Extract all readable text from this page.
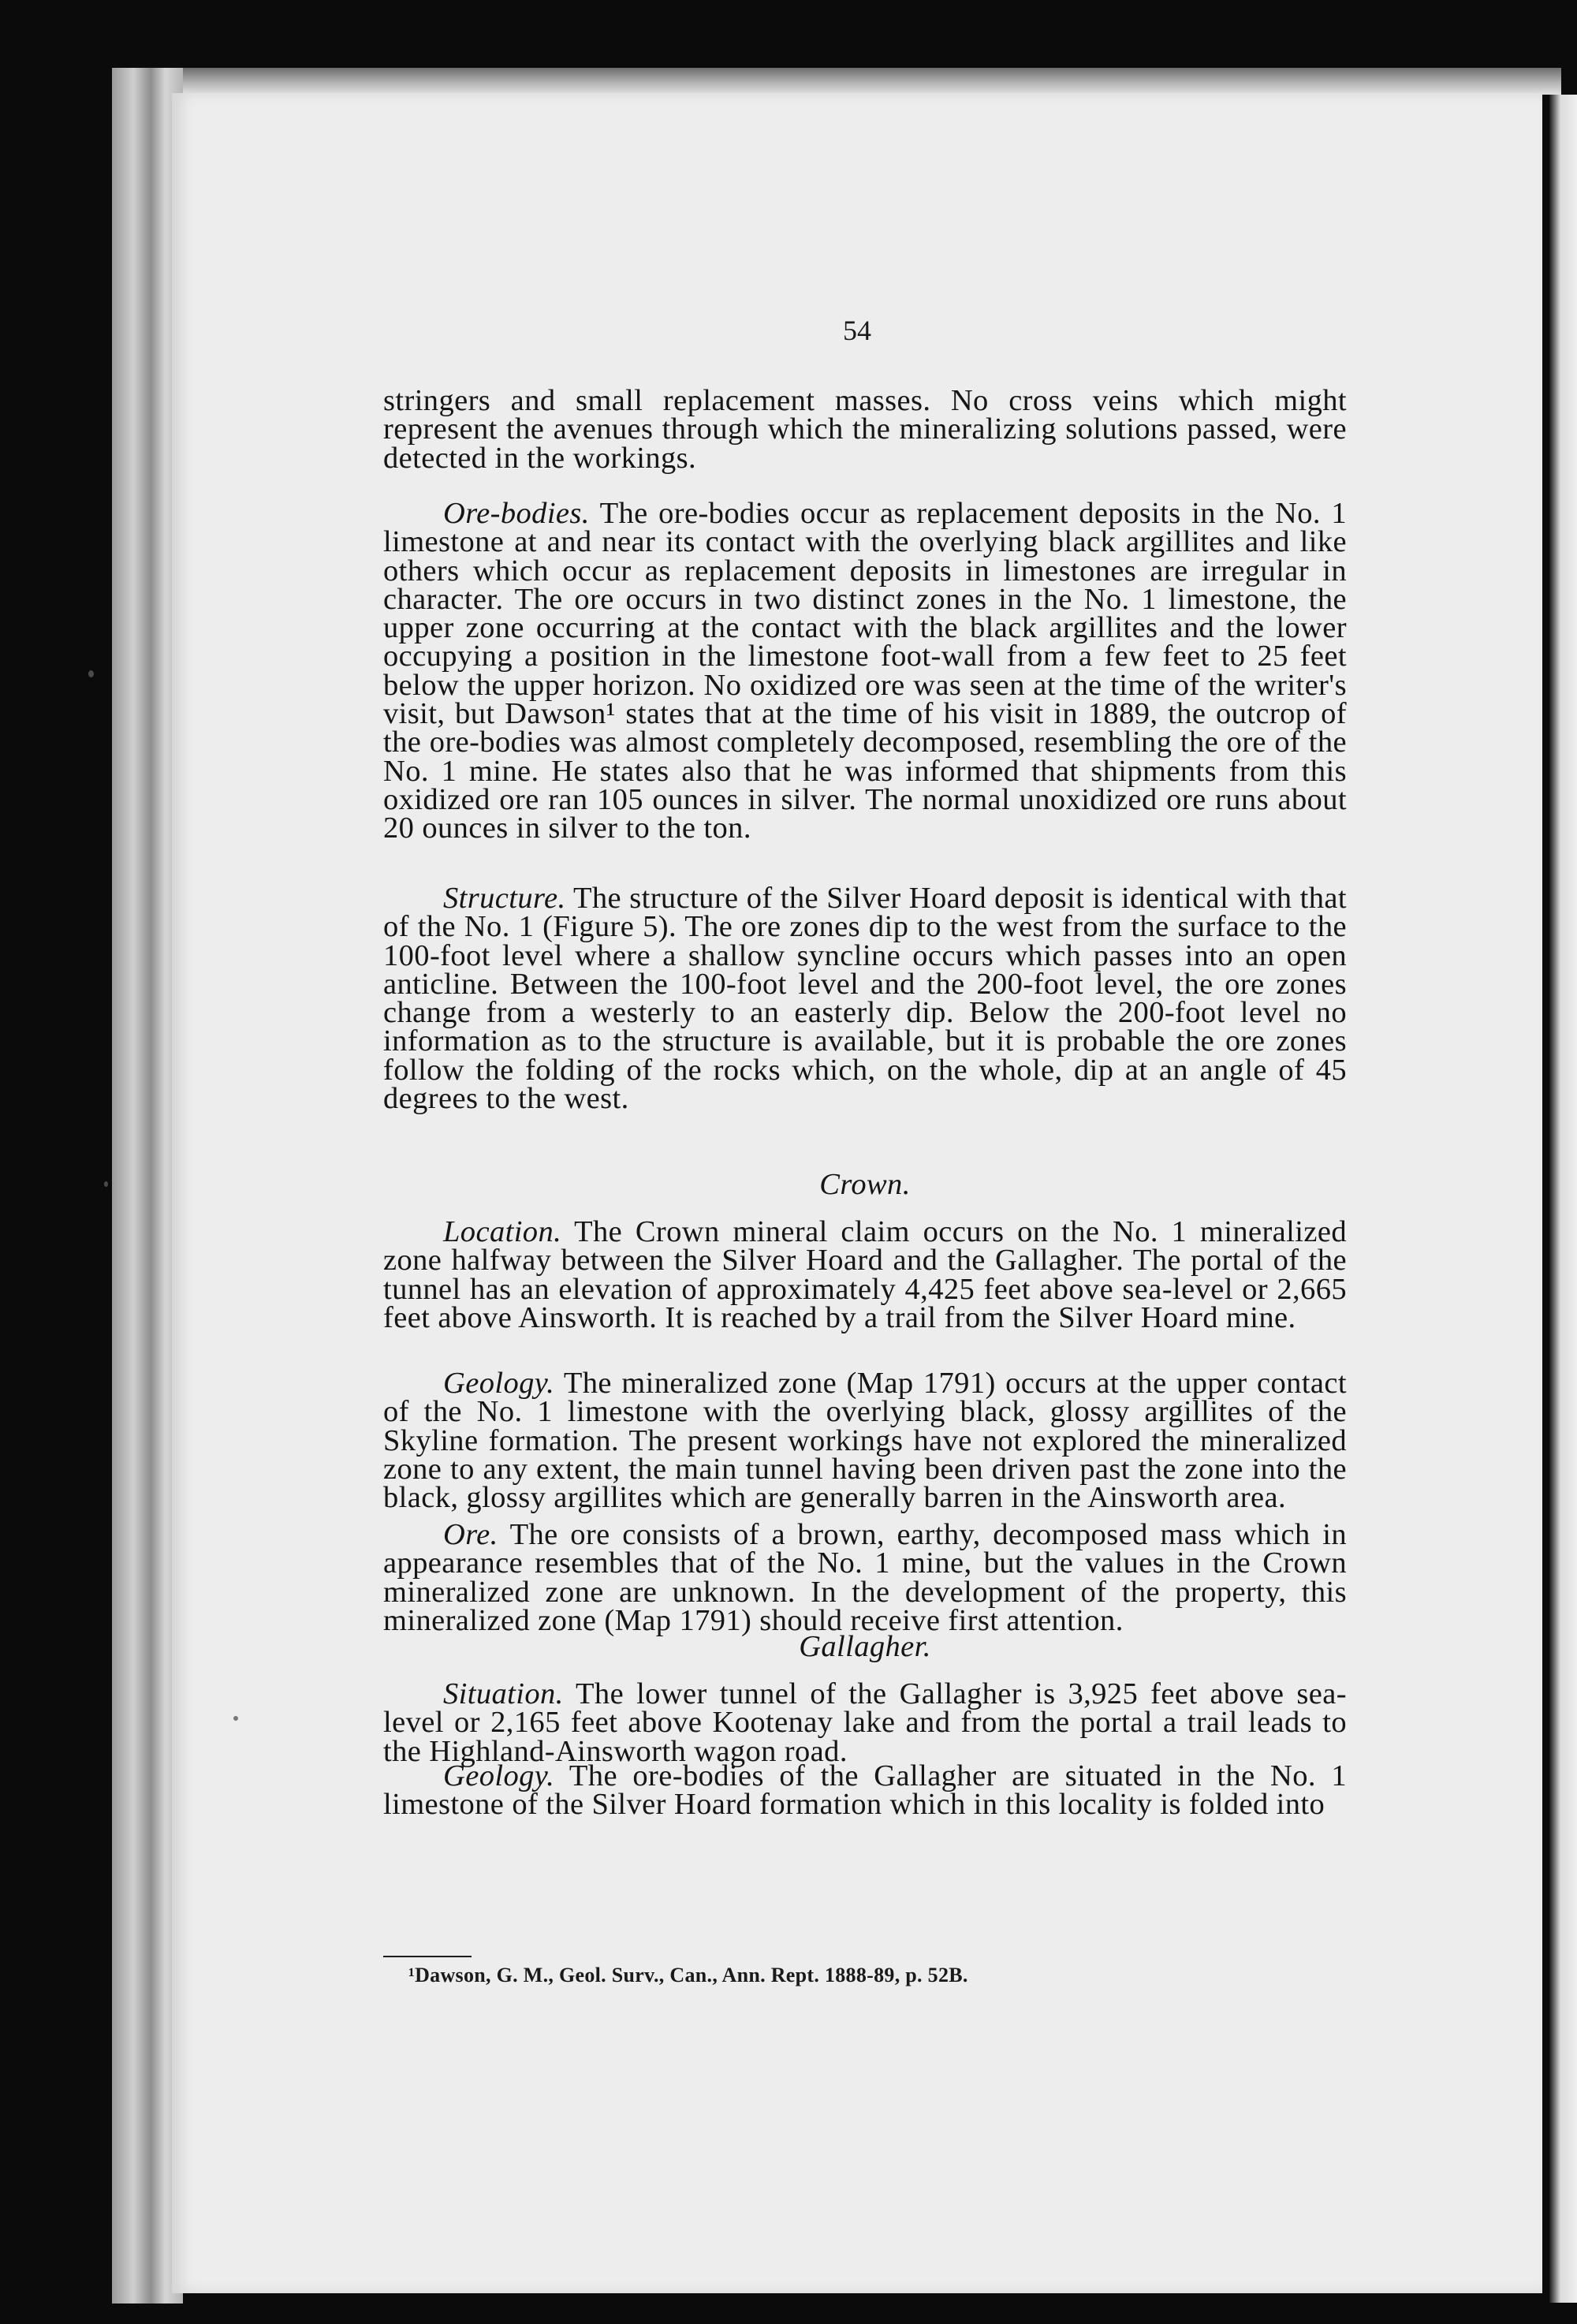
54

stringers and small replacement masses. No cross veins which might represent the avenues through which the mineralizing solutions passed, were detected in the workings.

Ore-bodies. The ore-bodies occur as replacement deposits in the No. 1 limestone at and near its contact with the overlying black argillites and like others which occur as replacement deposits in limestones are irregular in character. The ore occurs in two distinct zones in the No. 1 limestone, the upper zone occurring at the contact with the black argillites and the lower occupying a position in the limestone foot-wall from a few feet to 25 feet below the upper horizon. No oxidized ore was seen at the time of the writer's visit, but Dawson¹ states that at the time of his visit in 1889, the outcrop of the ore-bodies was almost completely decomposed, resembling the ore of the No. 1 mine. He states also that he was informed that shipments from this oxidized ore ran 105 ounces in silver. The normal unoxidized ore runs about 20 ounces in silver to the ton.

Structure. The structure of the Silver Hoard deposit is identical with that of the No. 1 (Figure 5). The ore zones dip to the west from the surface to the 100-foot level where a shallow syncline occurs which passes into an open anticline. Between the 100-foot level and the 200-foot level, the ore zones change from a westerly to an easterly dip. Below the 200-foot level no information as to the structure is available, but it is probable the ore zones follow the folding of the rocks which, on the whole, dip at an angle of 45 degrees to the west.

Crown.

Location. The Crown mineral claim occurs on the No. 1 mineralized zone halfway between the Silver Hoard and the Gallagher. The portal of the tunnel has an elevation of approximately 4,425 feet above sea-level or 2,665 feet above Ainsworth. It is reached by a trail from the Silver Hoard mine.

Geology. The mineralized zone (Map 1791) occurs at the upper contact of the No. 1 limestone with the overlying black, glossy argillites of the Skyline formation. The present workings have not explored the mineralized zone to any extent, the main tunnel having been driven past the zone into the black, glossy argillites which are generally barren in the Ainsworth area.

Ore. The ore consists of a brown, earthy, decomposed mass which in appearance resembles that of the No. 1 mine, but the values in the Crown mineralized zone are unknown. In the development of the property, this mineralized zone (Map 1791) should receive first attention.

Gallagher.

Situation. The lower tunnel of the Gallagher is 3,925 feet above sea-level or 2,165 feet above Kootenay lake and from the portal a trail leads to the Highland-Ainsworth wagon road.

Geology. The ore-bodies of the Gallagher are situated in the No. 1 limestone of the Silver Hoard formation which in this locality is folded into

¹Dawson, G. M., Geol. Surv., Can., Ann. Rept. 1888-89, p. 52B.
